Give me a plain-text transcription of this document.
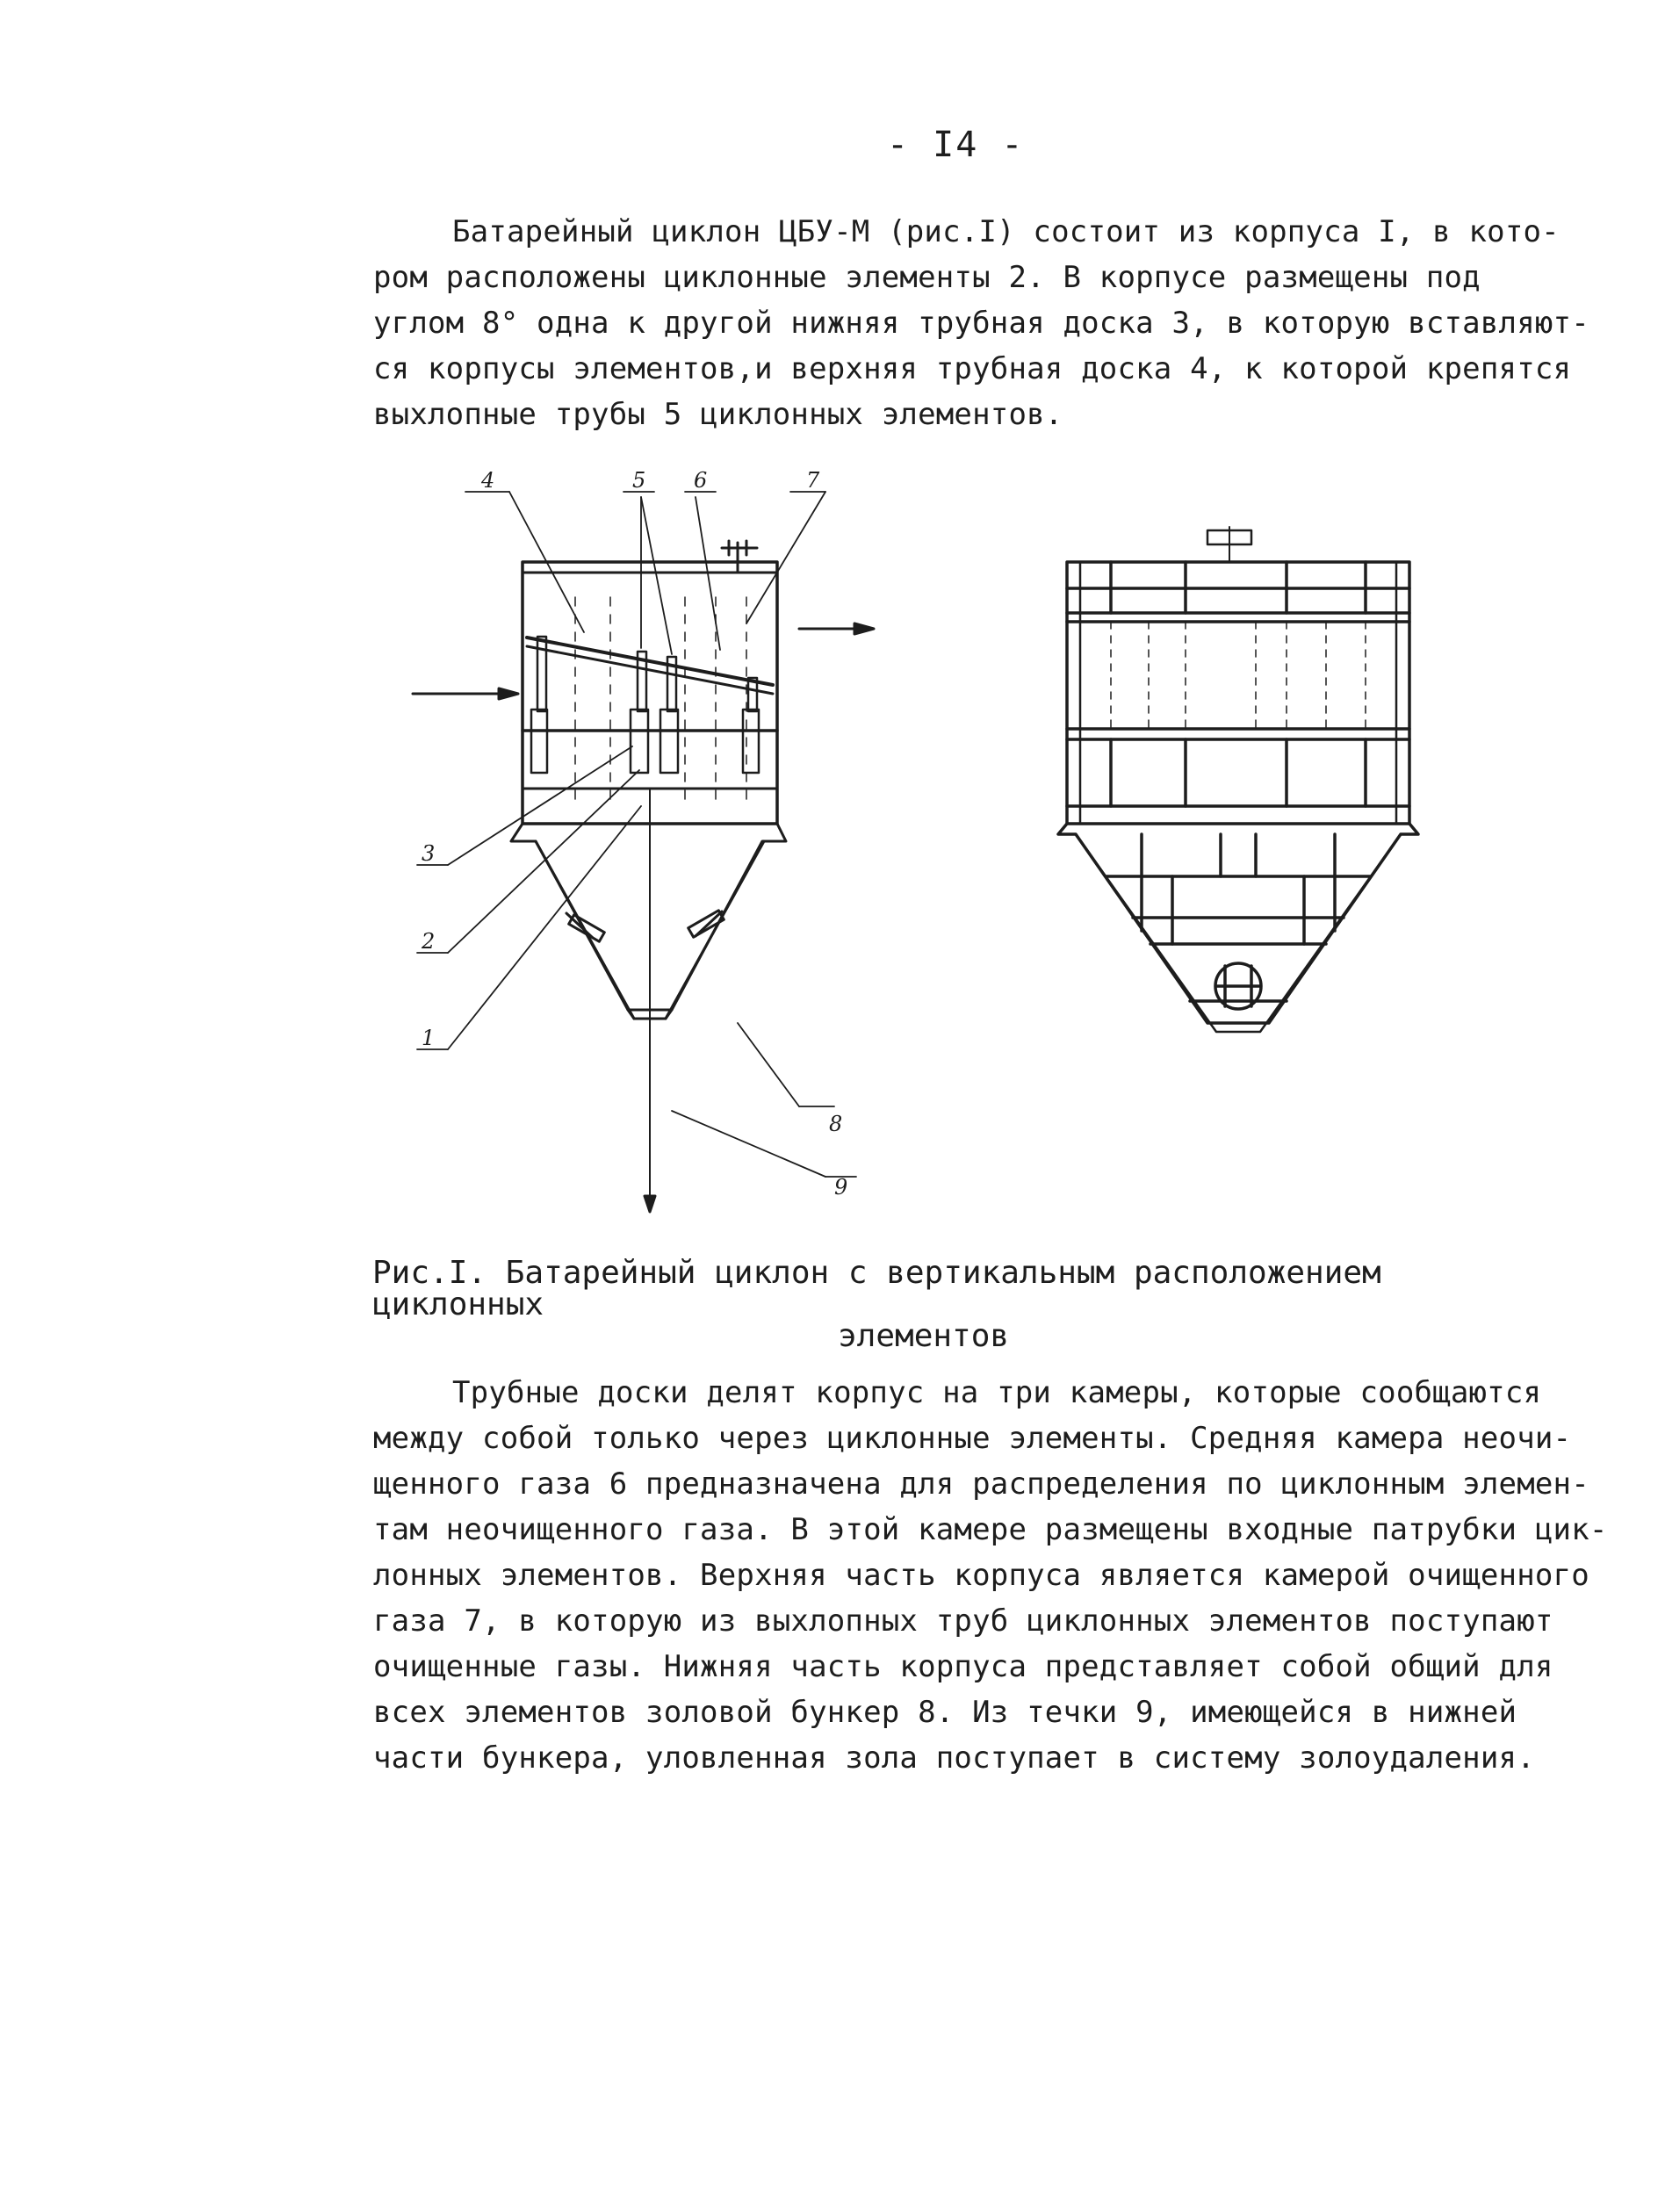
- I4 -
Батарейный циклон ЦБУ-М (рис.I) состоит из корпуса I, в кото-
ром расположены циклонные элементы 2. В корпусе размещены под
углом 8° одна к другой нижняя трубная доска 3, в которую вставляют-
ся корпусы элементов,и верхняя трубная доска 4, к которой крепятся
выхлопные трубы 5 циклонных элементов.
4	5 6	7
3
2
1
8
9
Рис.I. Батарейный циклон с вертикальным расположением циклонных
элементов
Трубные доски делят корпус на три камеры, которые сообщаются
между собой только через циклонные элементы. Средняя камера неочи-
щенного газа 6 предназначена для распределения по циклонным элемен-
там неочищенного газа. В этой камере размещены входные патрубки цик-
лонных элементов. Верхняя часть корпуса является камерой очищенного
газа 7, в которую из выхлопных труб циклонных элементов поступают
очищенные газы. Нижняя часть корпуса представляет собой общий для
всех элементов золовой бункер 8. Из течки 9, имеющейся в нижней
части бункера, уловленная зола поступает в систему золоудаления.
